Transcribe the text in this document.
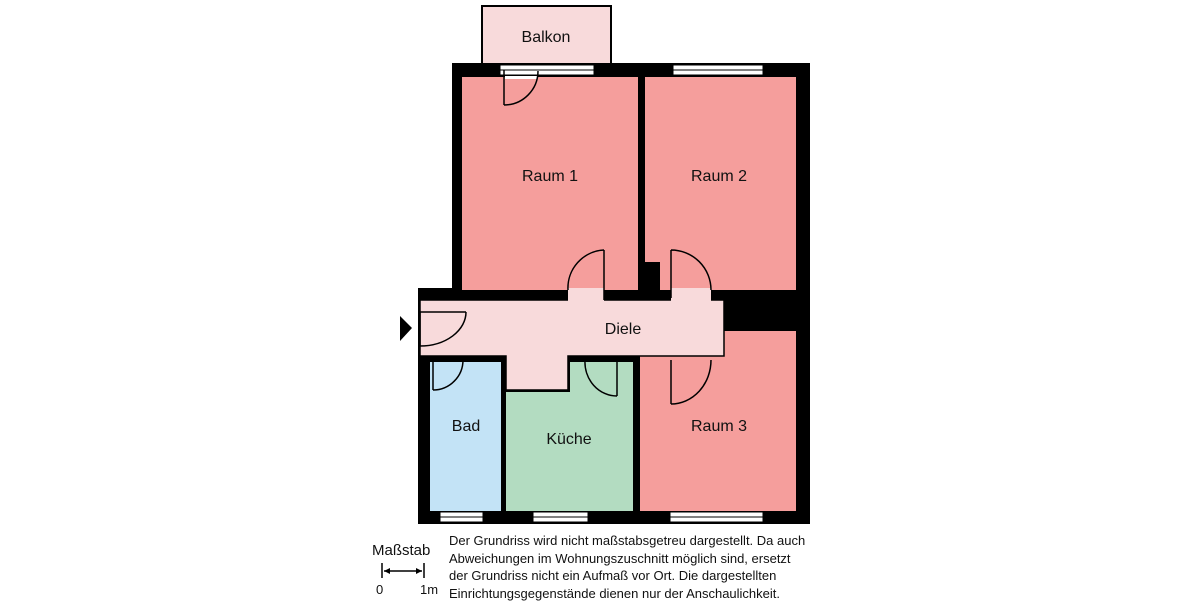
Balkon
Raum 1	Raum 2
Diele
Bad
Küche
Raum 3
Maßstab
0	1m

Der Grundriss wird nicht maßstabsgetreu dargestellt. Da auch
Abweichungen im Wohnungszuschnitt möglich sind, ersetzt
der Grundriss nicht ein Aufmaß vor Ort. Die dargestellten
Einrichtungsgegenstände dienen nur der Anschaulichkeit.
